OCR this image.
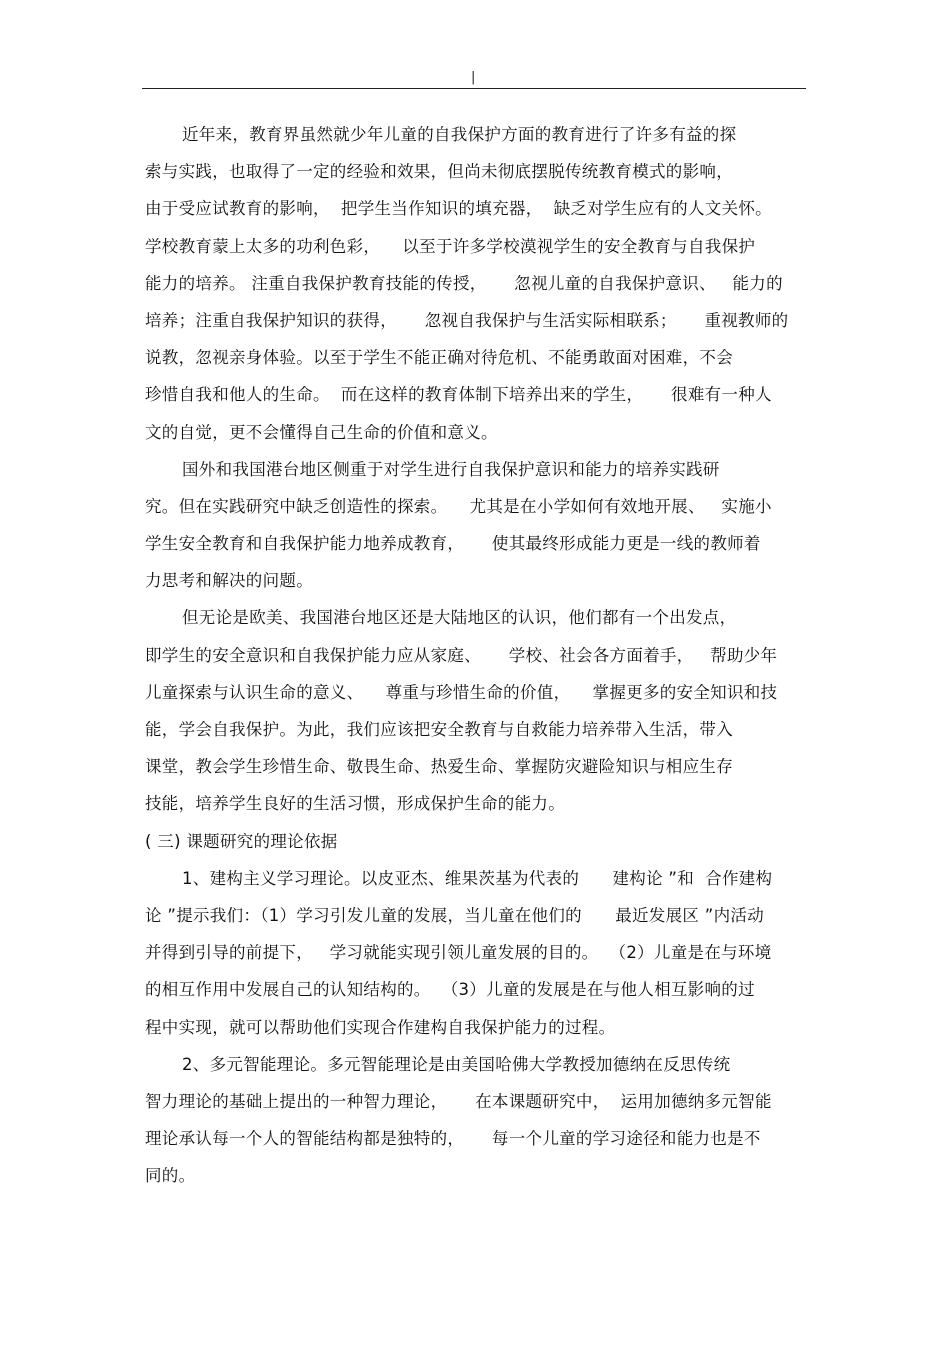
|
近年来，教育界虽然就少年儿童的自我保护方面的教育进行了许多有益的探
索与实践，也取得了一定的经验和效果，但尚未彻底摆脱传统教育模式的影响，
由于受应试教育的影响，  把学生当作知识的填充器，  缺乏对学生应有的人文关怀。
学校教育蒙上太多的功利色彩，    以至于许多学校漠视学生的安全教育与自我保护
能力的培养。 注重自我保护教育技能的传授，     忽视儿童的自我保护意识、   能力的
培养；注重自我保护知识的获得，     忽视自我保护与生活实际相联系；     重视教师的
说教，忽视亲身体验。以至于学生不能正确对待危机、不能勇敢面对困难，不会
珍惜自我和他人的生命。  而在这样的教育体制下培养出来的学生，     很难有一种人
文的自觉，更不会懂得自己生命的价值和意义。
国外和我国港台地区侧重于对学生进行自我保护意识和能力的培养实践研
究。但在实践研究中缺乏创造性的探索。    尤其是在小学如何有效地开展、   实施小
学生安全教育和自我保护能力地养成教育，     使其最终形成能力更是一线的教师着
力思考和解决的问题。
但无论是欧美、我国港台地区还是大陆地区的认识，他们都有一个出发点，
即学生的安全意识和自我保护能力应从家庭、     学校、社会各方面着手，   帮助少年
儿童探索与认识生命的意义、    尊重与珍惜生命的价值，    掌握更多的安全知识和技
能，学会自我保护。为此，我们应该把安全教育与自救能力培养带入生活，带入
课堂，教会学生珍惜生命、敬畏生命、热爱生命、掌握防灾避险知识与相应生存
技能，培养学生良好的生活习惯，形成保护生命的能力。
( 三) 课题研究的理论依据
1、建构主义学习理论。以皮亚杰、维果茨基为代表的      建构论 ”和  合作建构
论 ”提示我们：（1）学习引发儿童的发展，当儿童在他们的      最近发展区 ”内活动
并得到引导的前提下，   学习就能实现引领儿童发展的目的。  （2）儿童是在与环境
的相互作用中发展自己的认知结构的。  （3）儿童的发展是在与他人相互影响的过
程中实现，就可以帮助他们实现合作建构自我保护能力的过程。
2、多元智能理论。多元智能理论是由美国哈佛大学教授加德纳在反思传统
智力理论的基础上提出的一种智力理论，     在本课题研究中，  运用加德纳多元智能
理论承认每一个人的智能结构都是独特的，     每一个儿童的学习途径和能力也是不
同的。
